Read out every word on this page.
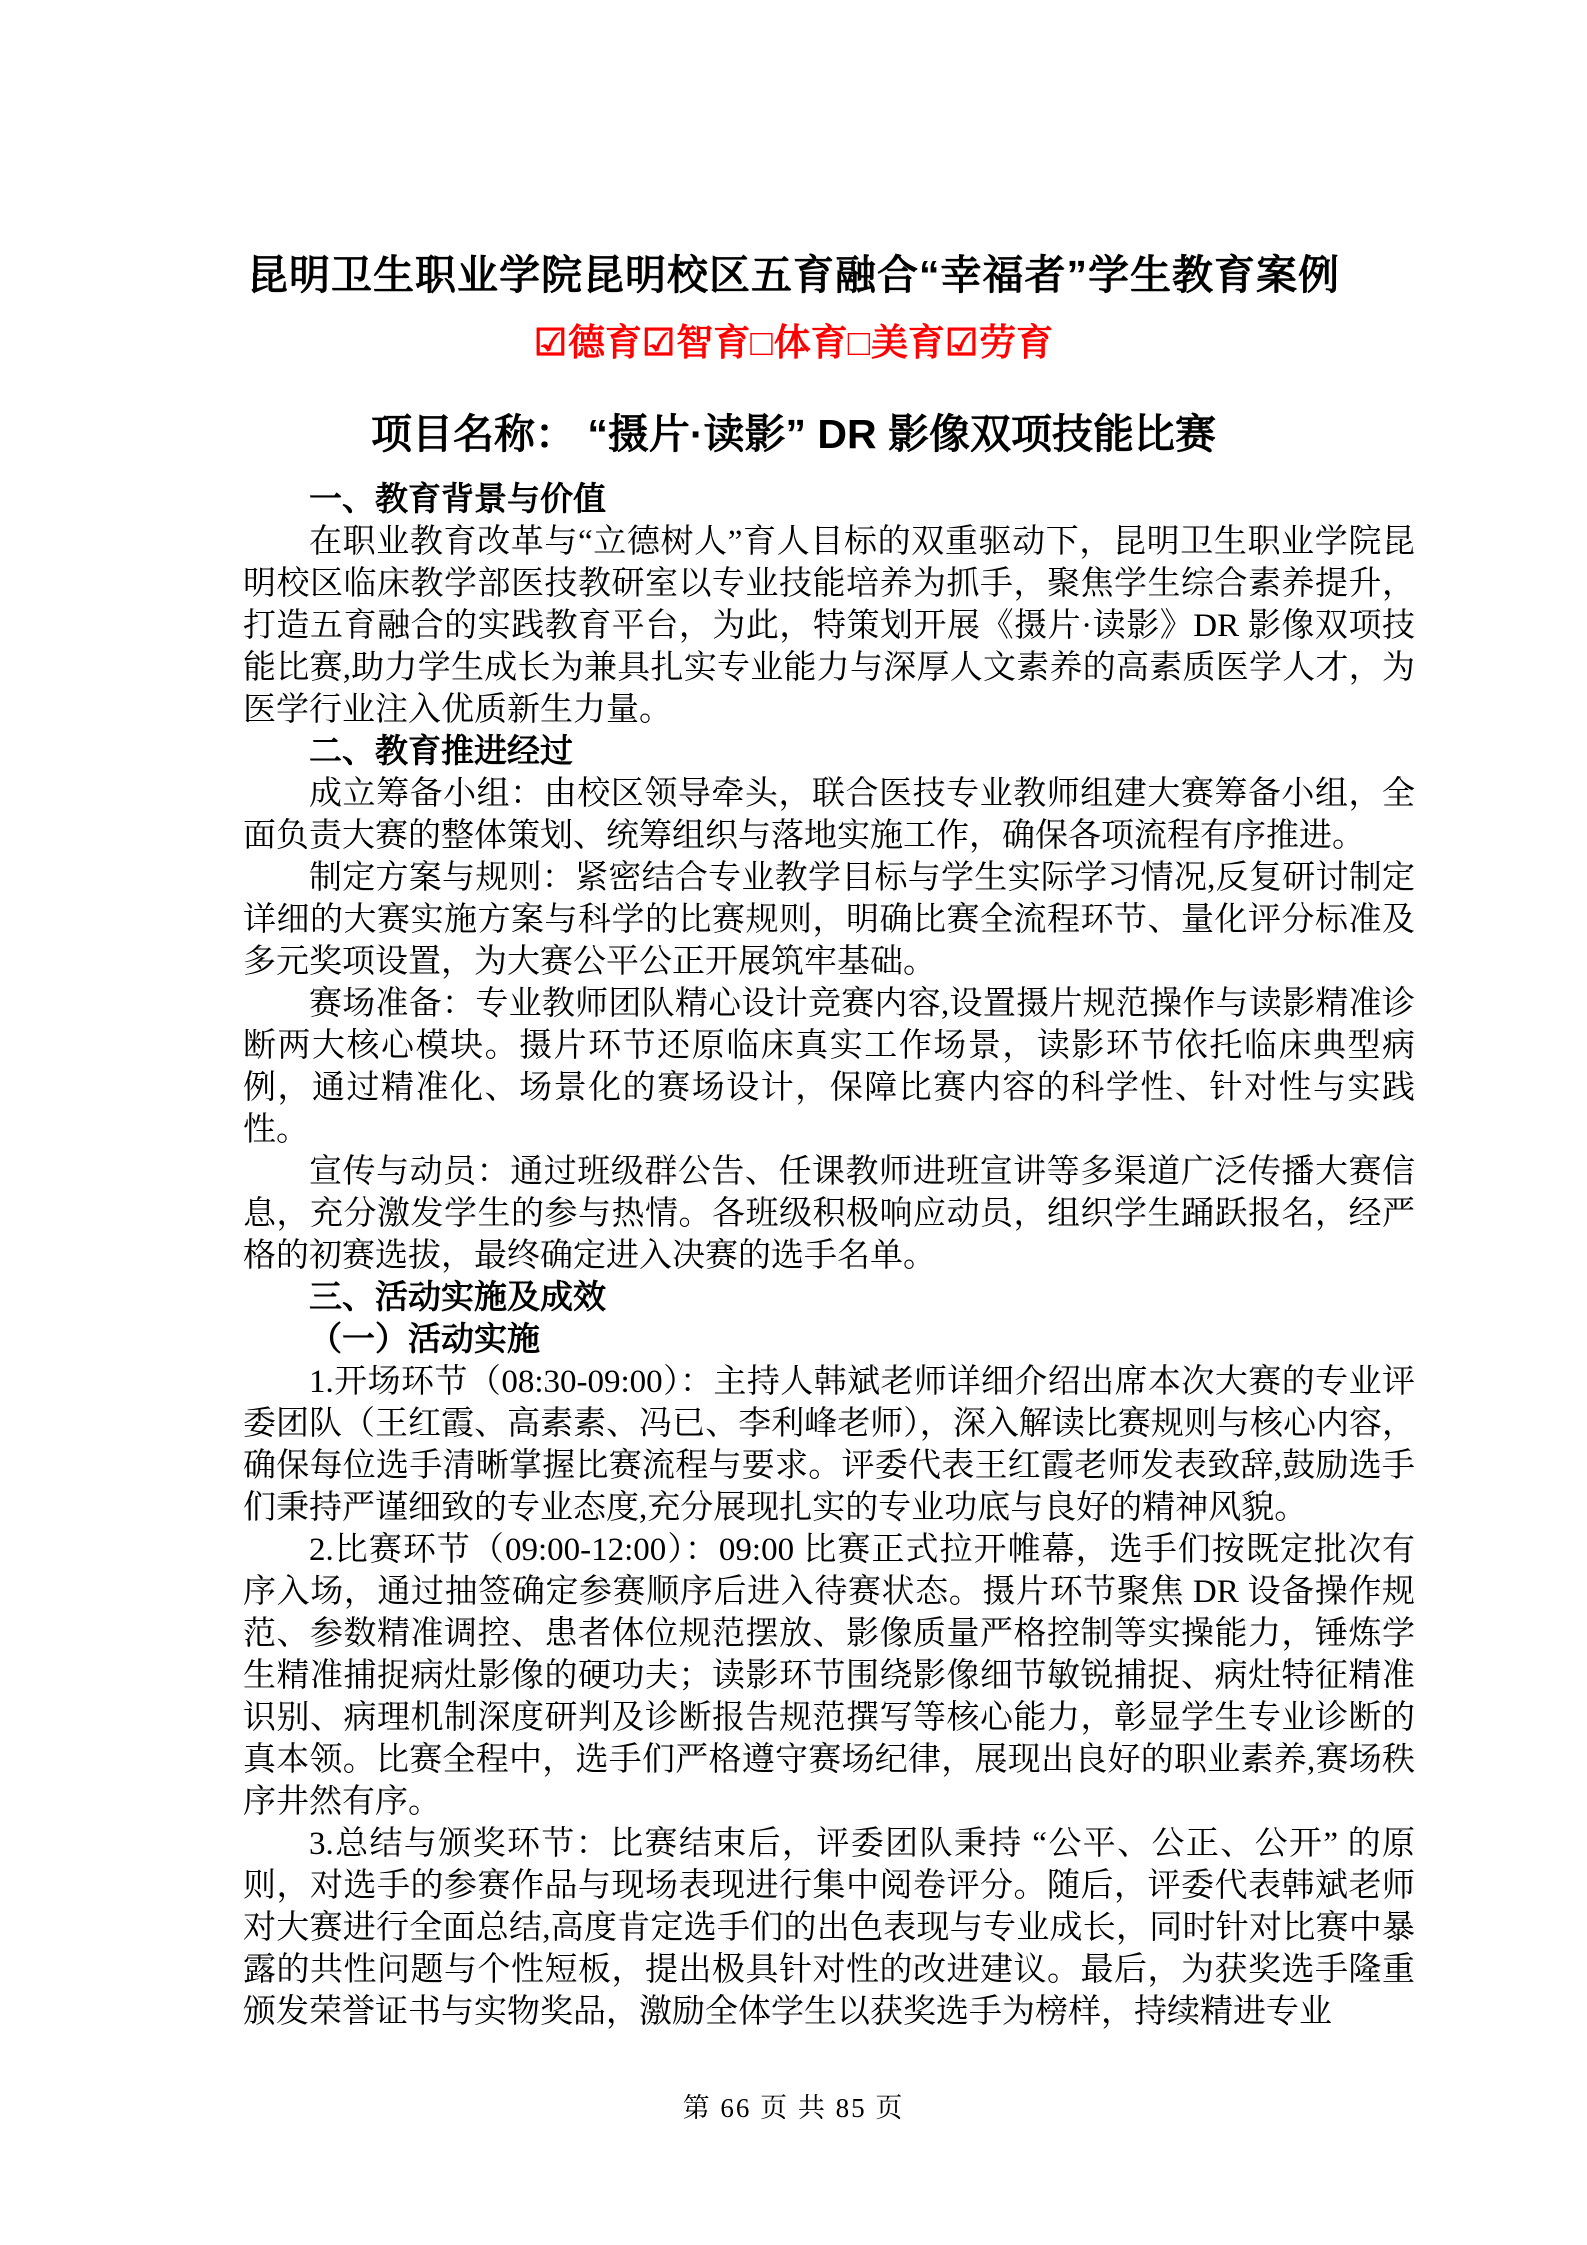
昆明卫生职业学院昆明校区五育融合“幸福者”学生教育案例
☑德育☑智育□体育□美育☑劳育
项目名称： “摄片·读影” DR 影像双项技能比赛

一、教育背景与价值

在职业教育改革与“立德树人”育人目标的双重驱动下，昆明卫生职业学院昆明校区临床教学部医技教研室以专业技能培养为抓手，聚焦学生综合素养提升，打造五育融合的实践教育平台，为此，特策划开展《摄片·读影》DR 影像双项技能比赛,助力学生成长为兼具扎实专业能力与深厚人文素养的高素质医学人才，为医学行业注入优质新生力量。

二、教育推进经过

成立筹备小组：由校区领导牵头，联合医技专业教师组建大赛筹备小组，全面负责大赛的整体策划、统筹组织与落地实施工作，确保各项流程有序推进。

制定方案与规则：紧密结合专业教学目标与学生实际学习情况,反复研讨制定详细的大赛实施方案与科学的比赛规则，明确比赛全流程环节、量化评分标准及多元奖项设置，为大赛公平公正开展筑牢基础。

赛场准备：专业教师团队精心设计竞赛内容,设置摄片规范操作与读影精准诊断两大核心模块。摄片环节还原临床真实工作场景，读影环节依托临床典型病例，通过精准化、场景化的赛场设计，保障比赛内容的科学性、针对性与实践性。

宣传与动员：通过班级群公告、任课教师进班宣讲等多渠道广泛传播大赛信息，充分激发学生的参与热情。各班级积极响应动员，组织学生踊跃报名，经严格的初赛选拔，最终确定进入决赛的选手名单。

三、活动实施及成效

（一）活动实施

1.开场环节（08:30-09:00）：主持人韩斌老师详细介绍出席本次大赛的专业评委团队（王红霞、高素素、冯已、李利峰老师），深入解读比赛规则与核心内容，确保每位选手清晰掌握比赛流程与要求。评委代表王红霞老师发表致辞,鼓励选手们秉持严谨细致的专业态度,充分展现扎实的专业功底与良好的精神风貌。

2.比赛环节（09:00-12:00）：09:00 比赛正式拉开帷幕，选手们按既定批次有序入场，通过抽签确定参赛顺序后进入待赛状态。摄片环节聚焦 DR 设备操作规范、参数精准调控、患者体位规范摆放、影像质量严格控制等实操能力，锤炼学生精准捕捉病灶影像的硬功夫；读影环节围绕影像细节敏锐捕捉、病灶特征精准识别、病理机制深度研判及诊断报告规范撰写等核心能力，彰显学生专业诊断的真本领。比赛全程中，选手们严格遵守赛场纪律，展现出良好的职业素养,赛场秩序井然有序。

3.总结与颁奖环节：比赛结束后，评委团队秉持 “公平、公正、公开” 的原则，对选手的参赛作品与现场表现进行集中阅卷评分。随后，评委代表韩斌老师对大赛进行全面总结,高度肯定选手们的出色表现与专业成长，同时针对比赛中暴露的共性问题与个性短板，提出极具针对性的改进建议。最后，为获奖选手隆重颁发荣誉证书与实物奖品，激励全体学生以获奖选手为榜样，持续精进专业

第 66 页 共 85 页
